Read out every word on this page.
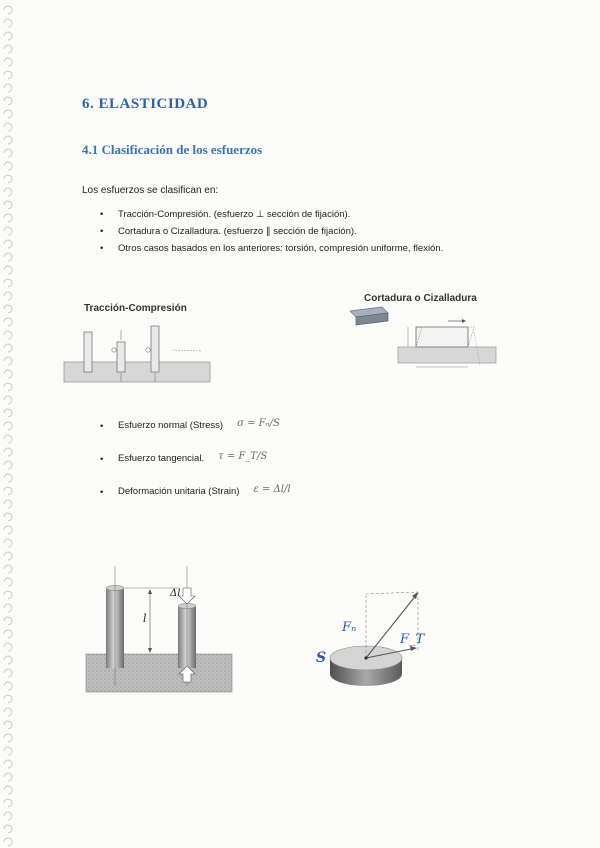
6. ELASTICIDAD
4.1 Clasificación de los esfuerzos

Los esfuerzos se clasifican en:

• Tracción-Compresión. (esfuerzo ⊥ sección de fijación).
• Cortadura o Cizalladura. (esfuerzo ∥ sección de fijación).
• Otros casos basados en los anteriores: torsión, compresión uniforme, flexión.
Tracción-Compresión
Cortadura o Cizalladura
• Esfuerzo normal (Stress) σ = Fₙ/S
• Esfuerzo tangencial. τ = F_T/S
• Deformación unitaria (Strain) ε = Δl/l
Δl
l
Fₙ
F_T
S
